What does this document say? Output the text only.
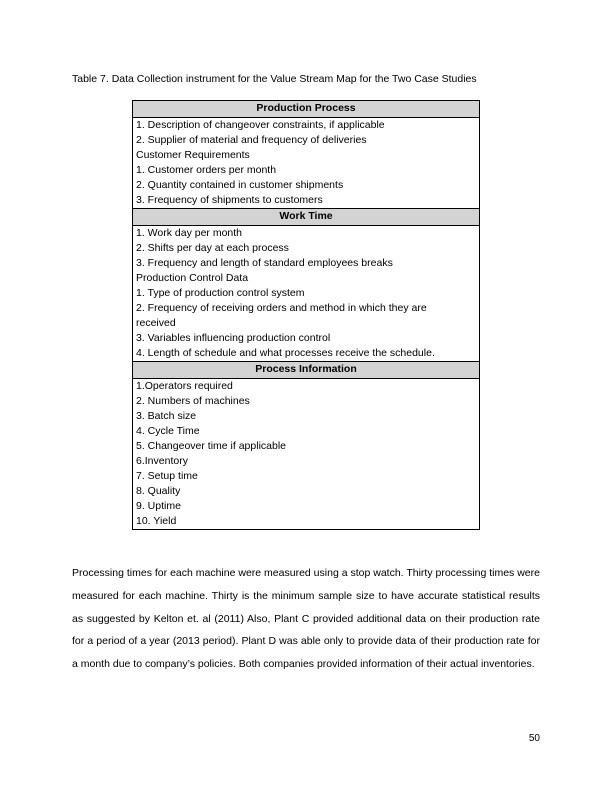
Table 7. Data Collection instrument for the Value Stream Map for the Two Case Studies

Production Process
1. Description of changeover constraints, if applicable
2. Supplier of material and frequency of deliveries
Customer Requirements
1. Customer orders per month
2. Quantity contained in customer shipments
3. Frequency of shipments to customers
Work Time
1. Work day per month
2. Shifts per day at each process
3. Frequency and length of standard employees breaks
Production Control Data
1. Type of production control system
2. Frequency of receiving orders and method in which they are
received
3. Variables influencing production control
4. Length of schedule and what processes receive the schedule.
Process Information
1.Operators required
2. Numbers of machines
3. Batch size
4. Cycle Time
5. Changeover time if applicable
6.Inventory
7. Setup time
8. Quality
9. Uptime
10. Yield

Processing times for each machine were measured using a stop watch. Thirty processing times were measured for each machine. Thirty is the minimum sample size to have accurate statistical results as suggested by Kelton et. al (2011) Also, Plant C provided additional data on their production rate for a period of a year (2013 period). Plant D was able only to provide data of their production rate for a month due to company’s policies. Both companies provided information of their actual inventories.

50
